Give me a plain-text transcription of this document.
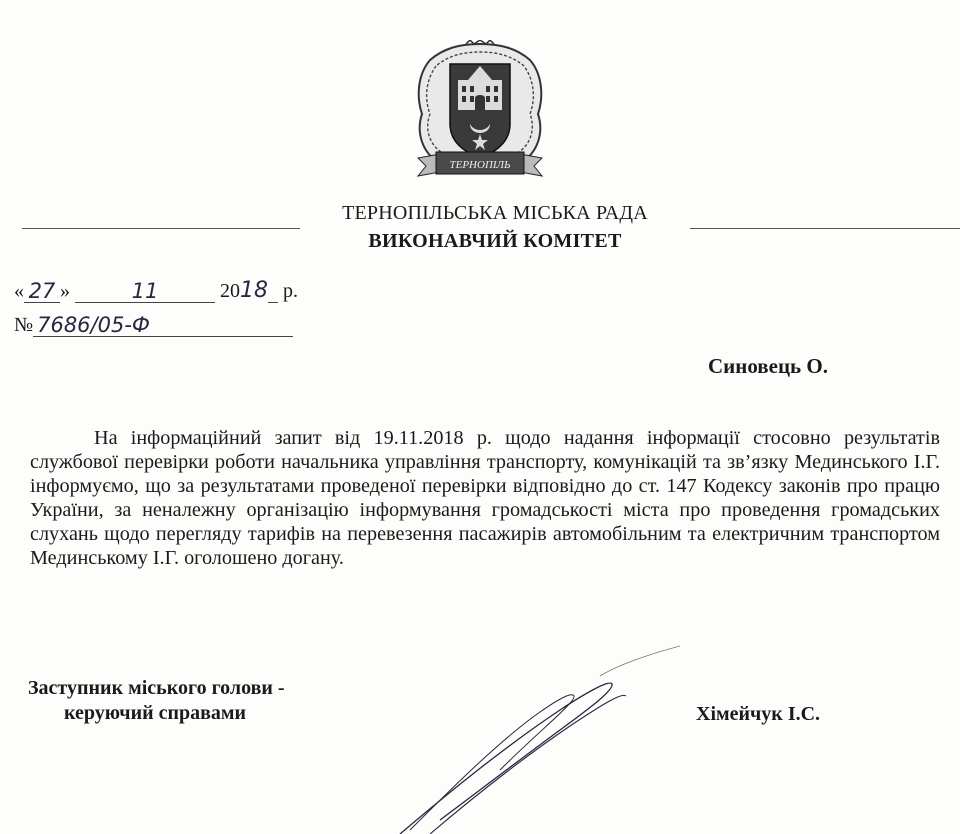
ТЕРНОПІЛЬ
ТЕРНОПІЛЬСЬКА МІСЬКА РАДА
ВИКОНАВЧИЙ КОМІТЕТ
« 27 »	11	2018 р.
№ 7686/05-Ф
Синовець О.
На інформаційний запит від 19.11.2018 р. щодо надання інформації стосовно результатів службової перевірки роботи начальника управління транспорту, комунікацій та зв’язку Мединського І.Г. інформуємо, що за результатами проведеної перевірки відповідно до ст. 147 Кодексу законів про працю України, за неналежну організацію інформування громадськості міста про проведення громадських слухань щодо перегляду тарифів на перевезення пасажирів автомобільним та електричним транспортом Мединському І.Г. оголошено догану.
Заступник міського голови -
керуючий справами	Хімейчук І.С.
